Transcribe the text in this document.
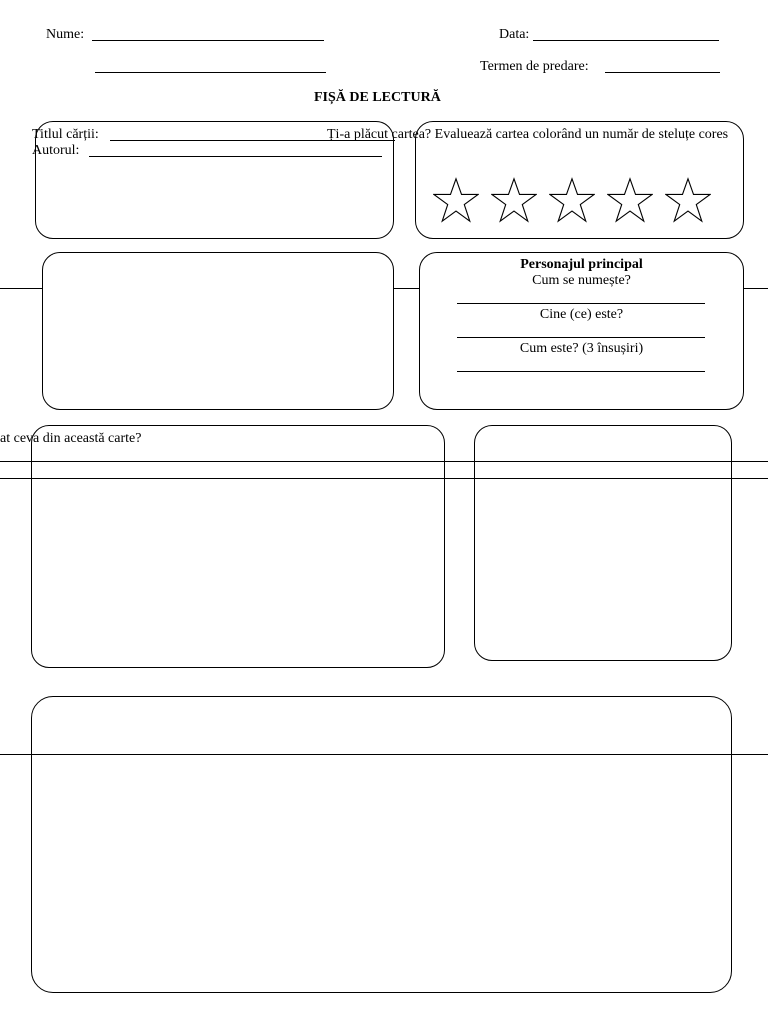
Nume:	Data:
Termen de predare:
FIȘĂ DE LECTURĂ
Titlul cărții:
Autorul:
Ți-a plăcut cartea? Evaluează cartea colorând un număr de steluțe cores
Personajul principal
Cum se numește?
Cine (ce) este?
Cum este? (3 însușiri)
at ceva din această carte?
